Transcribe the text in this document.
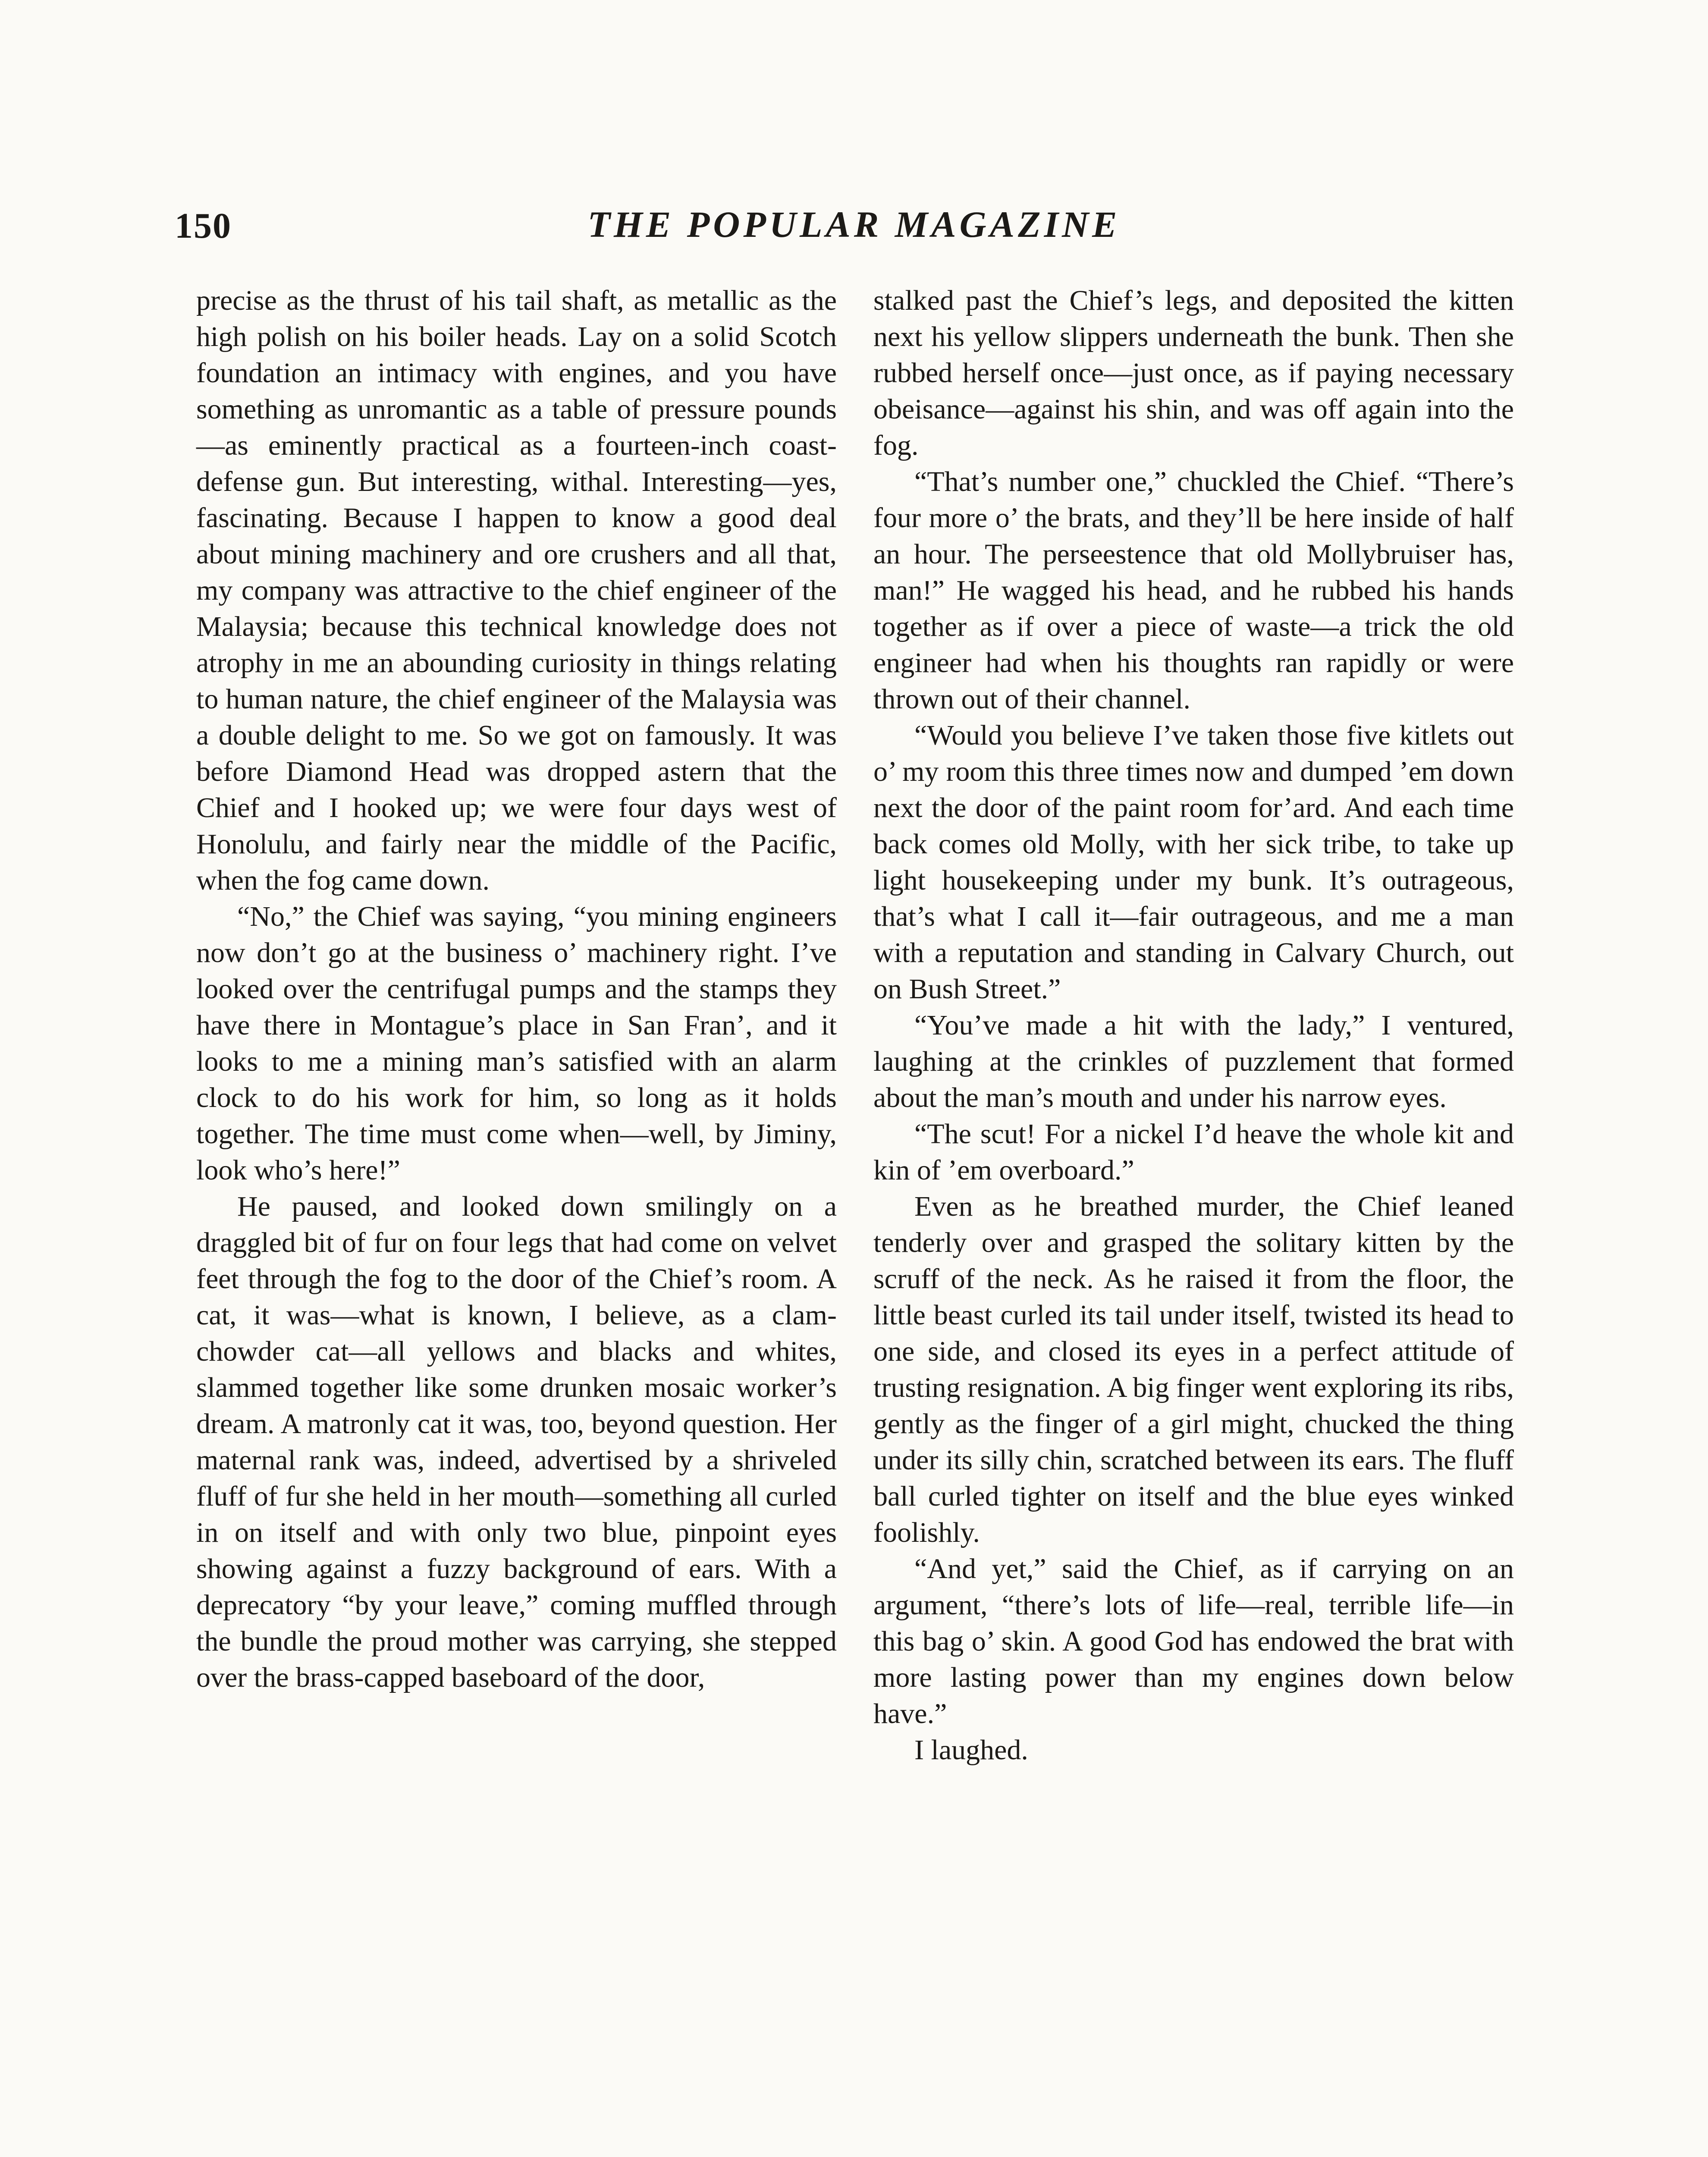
150	THE POPULAR MAGAZINE

precise as the thrust of his tail shaft, as metallic as the high polish on his boiler heads. Lay on a solid Scotch foundation an intimacy with engines, and you have something as unromantic as a table of pressure pounds—as eminently practical as a fourteen-inch coast-defense gun. But interesting, withal. Interesting—yes, fascinating. Because I happen to know a good deal about mining machinery and ore crushers and all that, my company was attractive to the chief engineer of the Malaysia; because this technical knowledge does not atrophy in me an abounding curiosity in things relating to human nature, the chief engineer of the Malaysia was a double delight to me. So we got on famously. It was before Diamond Head was dropped astern that the Chief and I hooked up; we were four days west of Honolulu, and fairly near the middle of the Pacific, when the fog came down.

“No,” the Chief was saying, “you mining engineers now don’t go at the business o’ machinery right. I’ve looked over the centrifugal pumps and the stamps they have there in Montague’s place in San Fran’, and it looks to me a mining man’s satisfied with an alarm clock to do his work for him, so long as it holds together. The time must come when—well, by Jiminy, look who’s here!”

He paused, and looked down smilingly on a draggled bit of fur on four legs that had come on velvet feet through the fog to the door of the Chief’s room. A cat, it was—what is known, I believe, as a clam-chowder cat—all yellows and blacks and whites, slammed together like some drunken mosaic worker’s dream. A matronly cat it was, too, beyond question. Her maternal rank was, indeed, advertised by a shriveled fluff of fur she held in her mouth—something all curled in on itself and with only two blue, pinpoint eyes showing against a fuzzy background of ears. With a deprecatory “by your leave,” coming muffled through the bundle the proud mother was carrying, she stepped over the brass-capped baseboard of the door,

stalked past the Chief’s legs, and deposited the kitten next his yellow slippers underneath the bunk. Then she rubbed herself once—just once, as if paying necessary obeisance—against his shin, and was off again into the fog.

“That’s number one,” chuckled the Chief. “There’s four more o’ the brats, and they’ll be here inside of half an hour. The perseestence that old Mollybruiser has, man!” He wagged his head, and he rubbed his hands together as if over a piece of waste—a trick the old engineer had when his thoughts ran rapidly or were thrown out of their channel.

“Would you believe I’ve taken those five kitlets out o’ my room this three times now and dumped ’em down next the door of the paint room for’ard. And each time back comes old Molly, with her sick tribe, to take up light housekeeping under my bunk. It’s outrageous, that’s what I call it—fair outrageous, and me a man with a reputation and standing in Calvary Church, out on Bush Street.”

“You’ve made a hit with the lady,” I ventured, laughing at the crinkles of puzzlement that formed about the man’s mouth and under his narrow eyes.

“The scut! For a nickel I’d heave the whole kit and kin of ’em overboard.”

Even as he breathed murder, the Chief leaned tenderly over and grasped the solitary kitten by the scruff of the neck. As he raised it from the floor, the little beast curled its tail under itself, twisted its head to one side, and closed its eyes in a perfect attitude of trusting resignation. A big finger went exploring its ribs, gently as the finger of a girl might, chucked the thing under its silly chin, scratched between its ears. The fluff ball curled tighter on itself and the blue eyes winked foolishly.

“And yet,” said the Chief, as if carrying on an argument, “there’s lots of life—real, terrible life—in this bag o’ skin. A good God has endowed the brat with more lasting power than my engines down below have.”

I laughed.
